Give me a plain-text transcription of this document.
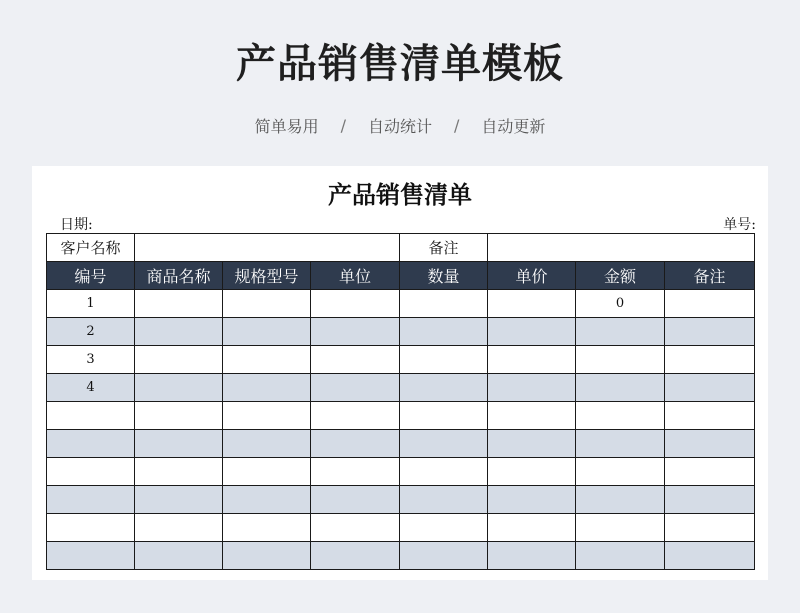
产品销售清单模板
简单易用 / 自动统计 / 自动更新
产品销售清单
日期:	单号:
客户名称				备注			
编号	商品名称	规格型号	单位	数量	单价	金额	备注
1						0	
2							
3							
4							
